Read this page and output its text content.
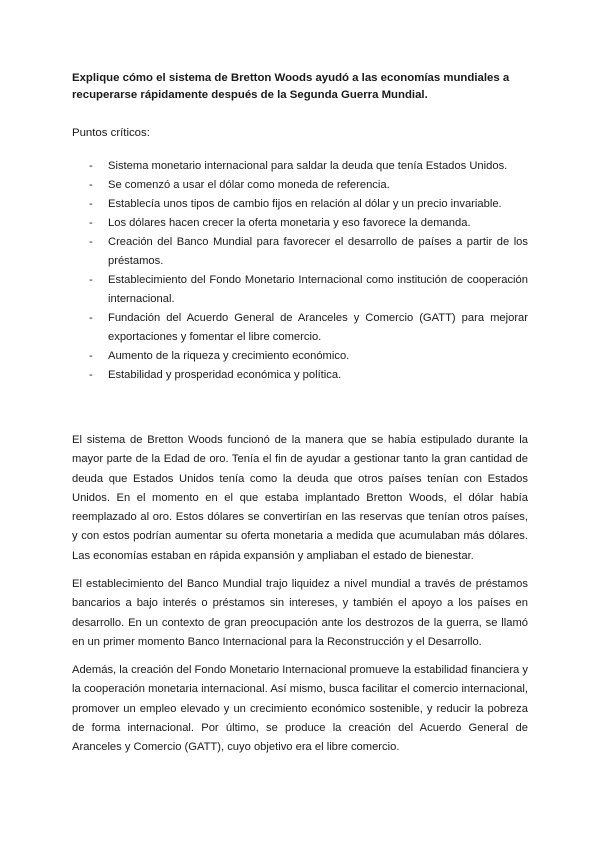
Explique cómo el sistema de Bretton Woods ayudó a las economías mundiales a recuperarse rápidamente después de la Segunda Guerra Mundial.

Puntos críticos:

- Sistema monetario internacional para saldar la deuda que tenía Estados Unidos.
- Se comenzó a usar el dólar como moneda de referencia.
- Establecía unos tipos de cambio fijos en relación al dólar y un precio invariable.
- Los dólares hacen crecer la oferta monetaria y eso favorece la demanda.
- Creación del Banco Mundial para favorecer el desarrollo de países a partir de los préstamos.
- Establecimiento del Fondo Monetario Internacional como institución de cooperación internacional.
- Fundación del Acuerdo General de Aranceles y Comercio (GATT) para mejorar exportaciones y fomentar el libre comercio.
- Aumento de la riqueza y crecimiento económico.
- Estabilidad y prosperidad económica y política.

El sistema de Bretton Woods funcionó de la manera que se había estipulado durante la mayor parte de la Edad de oro. Tenía el fin de ayudar a gestionar tanto la gran cantidad de deuda que Estados Unidos tenía como la deuda que otros países tenían con Estados Unidos. En el momento en el que estaba implantado Bretton Woods, el dólar había reemplazado al oro. Estos dólares se convertirían en las reservas que tenían otros países, y con estos podrían aumentar su oferta monetaria a medida que acumulaban más dólares. Las economías estaban en rápida expansión y ampliaban el estado de bienestar.

El establecimiento del Banco Mundial trajo liquidez a nivel mundial a través de préstamos bancarios a bajo interés o préstamos sin intereses, y también el apoyo a los países en desarrollo. En un contexto de gran preocupación ante los destrozos de la guerra, se llamó en un primer momento Banco Internacional para la Reconstrucción y el Desarrollo.

Además, la creación del Fondo Monetario Internacional promueve la estabilidad financiera y la cooperación monetaria internacional. Así mismo, busca facilitar el comercio internacional, promover un empleo elevado y un crecimiento económico sostenible, y reducir la pobreza de forma internacional. Por último, se produce la creación del Acuerdo General de Aranceles y Comercio (GATT), cuyo objetivo era el libre comercio.
